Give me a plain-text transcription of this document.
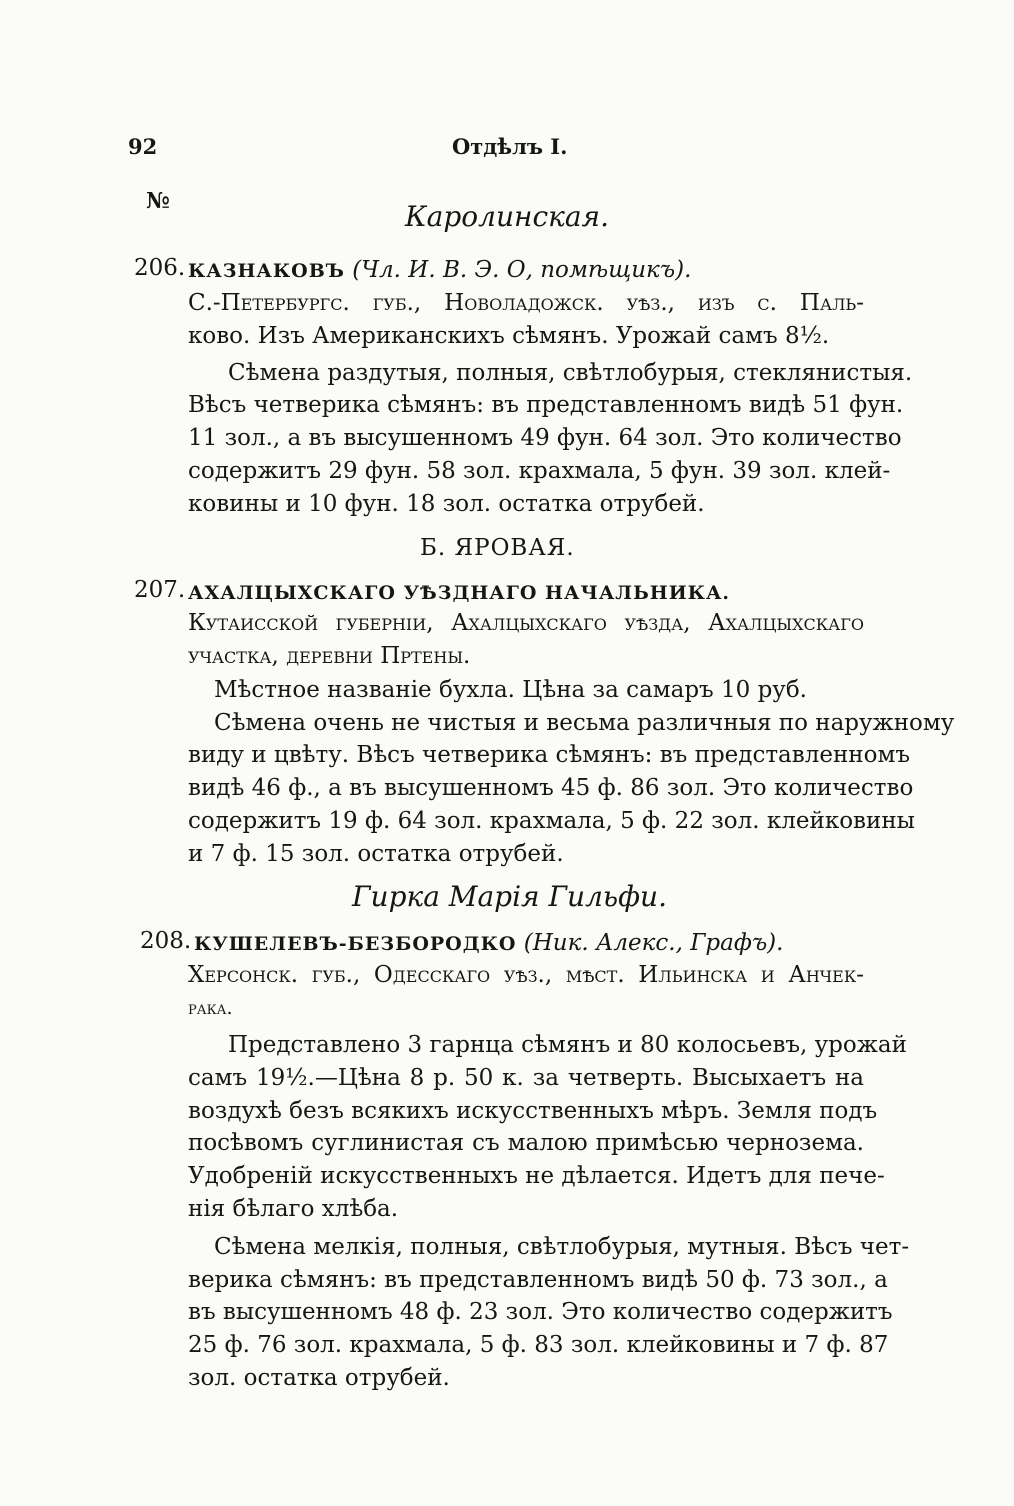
92	Отдѣлъ I.
№	Каролинская.
206. КАЗНАКОВЪ (Чл. И. В. Э. О, помѣщикъ).
С.-Петербургс. губ., Новоладожск. уѣз., изъ с. Паль-
ково. Изъ Американскихъ сѣмянъ. Урожай самъ 8½.
Сѣмена раздутыя, полныя, свѣтлобурыя, стеклянистыя.
Вѣсъ четверика сѣмянъ: въ представленномъ видѣ 51 фун.
11 зол., а въ высушенномъ 49 фун. 64 зол. Это количество
содержитъ 29 фун. 58 зол. крахмала, 5 фун. 39 зол. клей-
ковины и 10 фун. 18 зол. остатка отрубей.
Б. ЯРОВАЯ.
207. АХАЛЦЫХСКАГО УѢЗДНАГО НАЧАЛЬНИКА.
Кутаисской губерніи, Ахалцыхскаго уѣзда, Ахалцыхскаго
участка, деревни Пртены.
Мѣстное названіе бухла. Цѣна за самаръ 10 руб.
Сѣмена очень не чистыя и весьма различныя по наружному
виду и цвѣту. Вѣсъ четверика сѣмянъ: въ представленномъ
видѣ 46 ф., а въ высушенномъ 45 ф. 86 зол. Это количество
содержитъ 19 ф. 64 зол. крахмала, 5 ф. 22 зол. клейковины
и 7 ф. 15 зол. остатка отрубей.
Гирка Марія Гильфи.
208. КУШЕЛЕВЪ-БЕЗБОРОДКО (Ник. Алекс., Графъ).
Херсонск. губ., Одесскаго уѣз., мѣст. Ильинска и Анчек-
рака.
Представлено 3 гарнца сѣмянъ и 80 колосьевъ, урожай
самъ 19½.—Цѣна 8 р. 50 к. за четверть. Высыхаетъ на
воздухѣ безъ всякихъ искусственныхъ мѣръ. Земля подъ
посѣвомъ суглинистая съ малою примѣсью чернозема.
Удобреній искусственныхъ не дѣлается. Идетъ для пече-
нія бѣлаго хлѣба.
Сѣмена мелкія, полныя, свѣтлобурыя, мутныя. Вѣсъ чет-
верика сѣмянъ: въ представленномъ видѣ 50 ф. 73 зол., а
въ высушенномъ 48 ф. 23 зол. Это количество содержитъ
25 ф. 76 зол. крахмала, 5 ф. 83 зол. клейковины и 7 ф. 87
зол. остатка отрубей.
